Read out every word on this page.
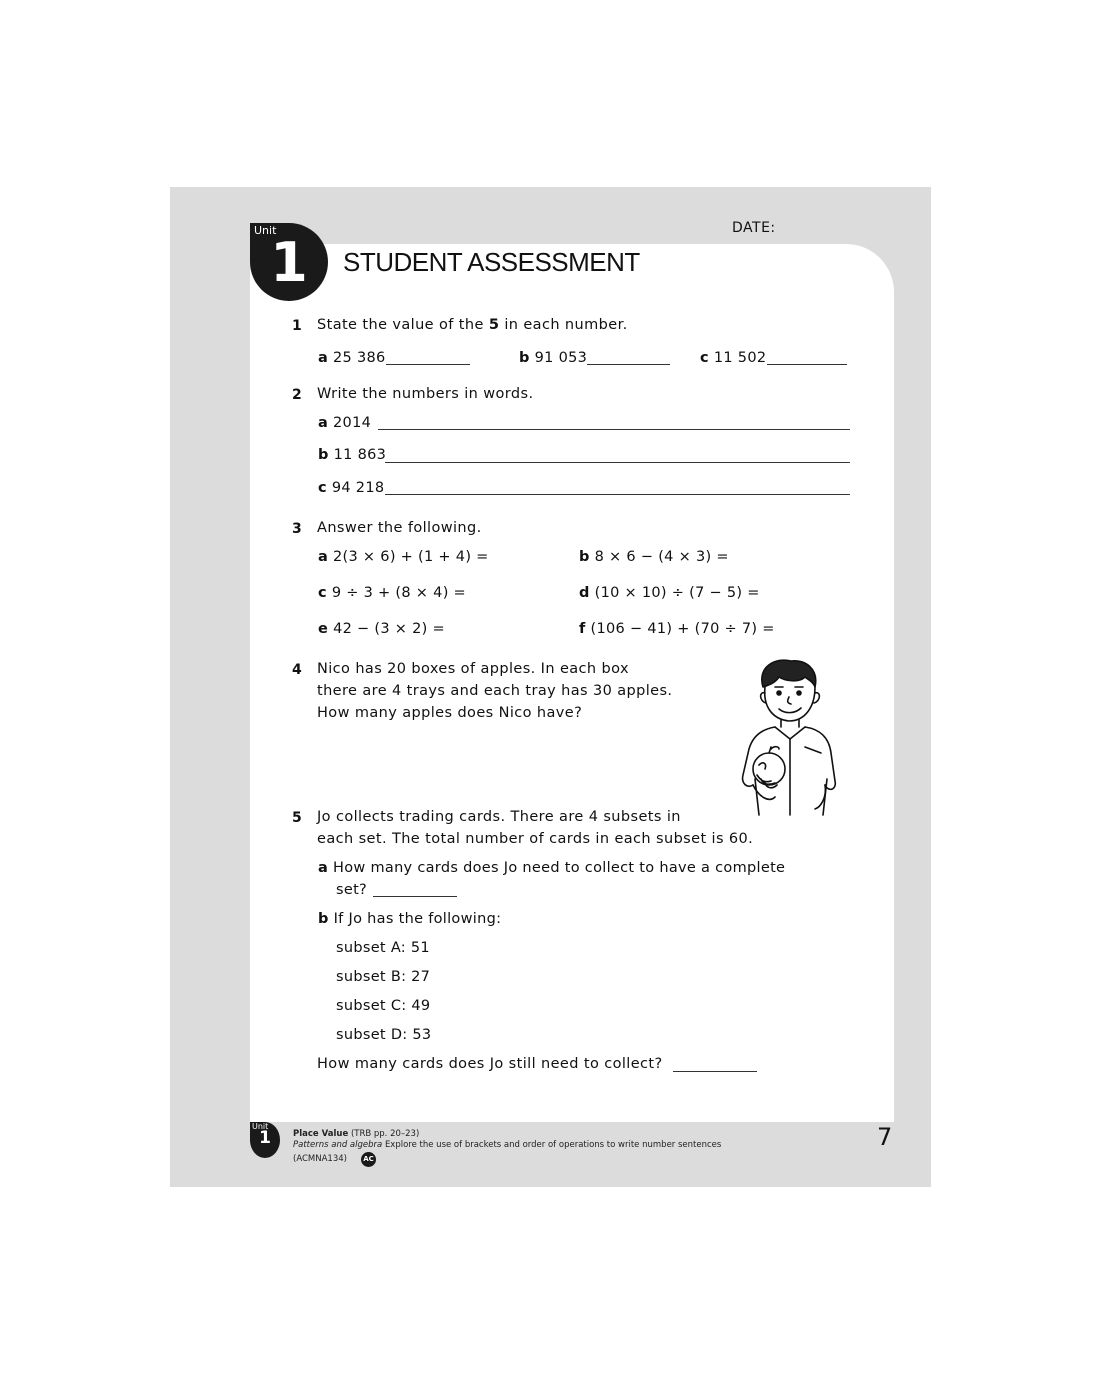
Unit
1
DATE:
STUDENT ASSESSMENT
1 State the value of the 5 in each number.
a 25 386	b 91 053	c 11 502
2 Write the numbers in words.
a 2014
b 11 863
c 94 218
3 Answer the following.
a 2(3 × 6) + (1 + 4) =	b 8 × 6 − (4 × 3) =
c 9 ÷ 3 + (8 × 4) =	d (10 × 10) ÷ (7 − 5) =
e 42 − (3 × 2) =	f (106 − 41) + (70 ÷ 7) =
4 Nico has 20 boxes of apples. In each box
there are 4 trays and each tray has 30 apples.
How many apples does Nico have?
5 Jo collects trading cards. There are 4 subsets in
each set. The total number of cards in each subset is 60.
a How many cards does Jo need to collect to have a complete
set?
b If Jo has the following:
subset A: 51
subset B: 27
subset C: 49
subset D: 53
How many cards does Jo still need to collect?
Unit
1	Place Value (TRB pp. 20–23)
Patterns and algebra Explore the use of brackets and order of operations to write number sentences
(ACMNA134)	AC
7
